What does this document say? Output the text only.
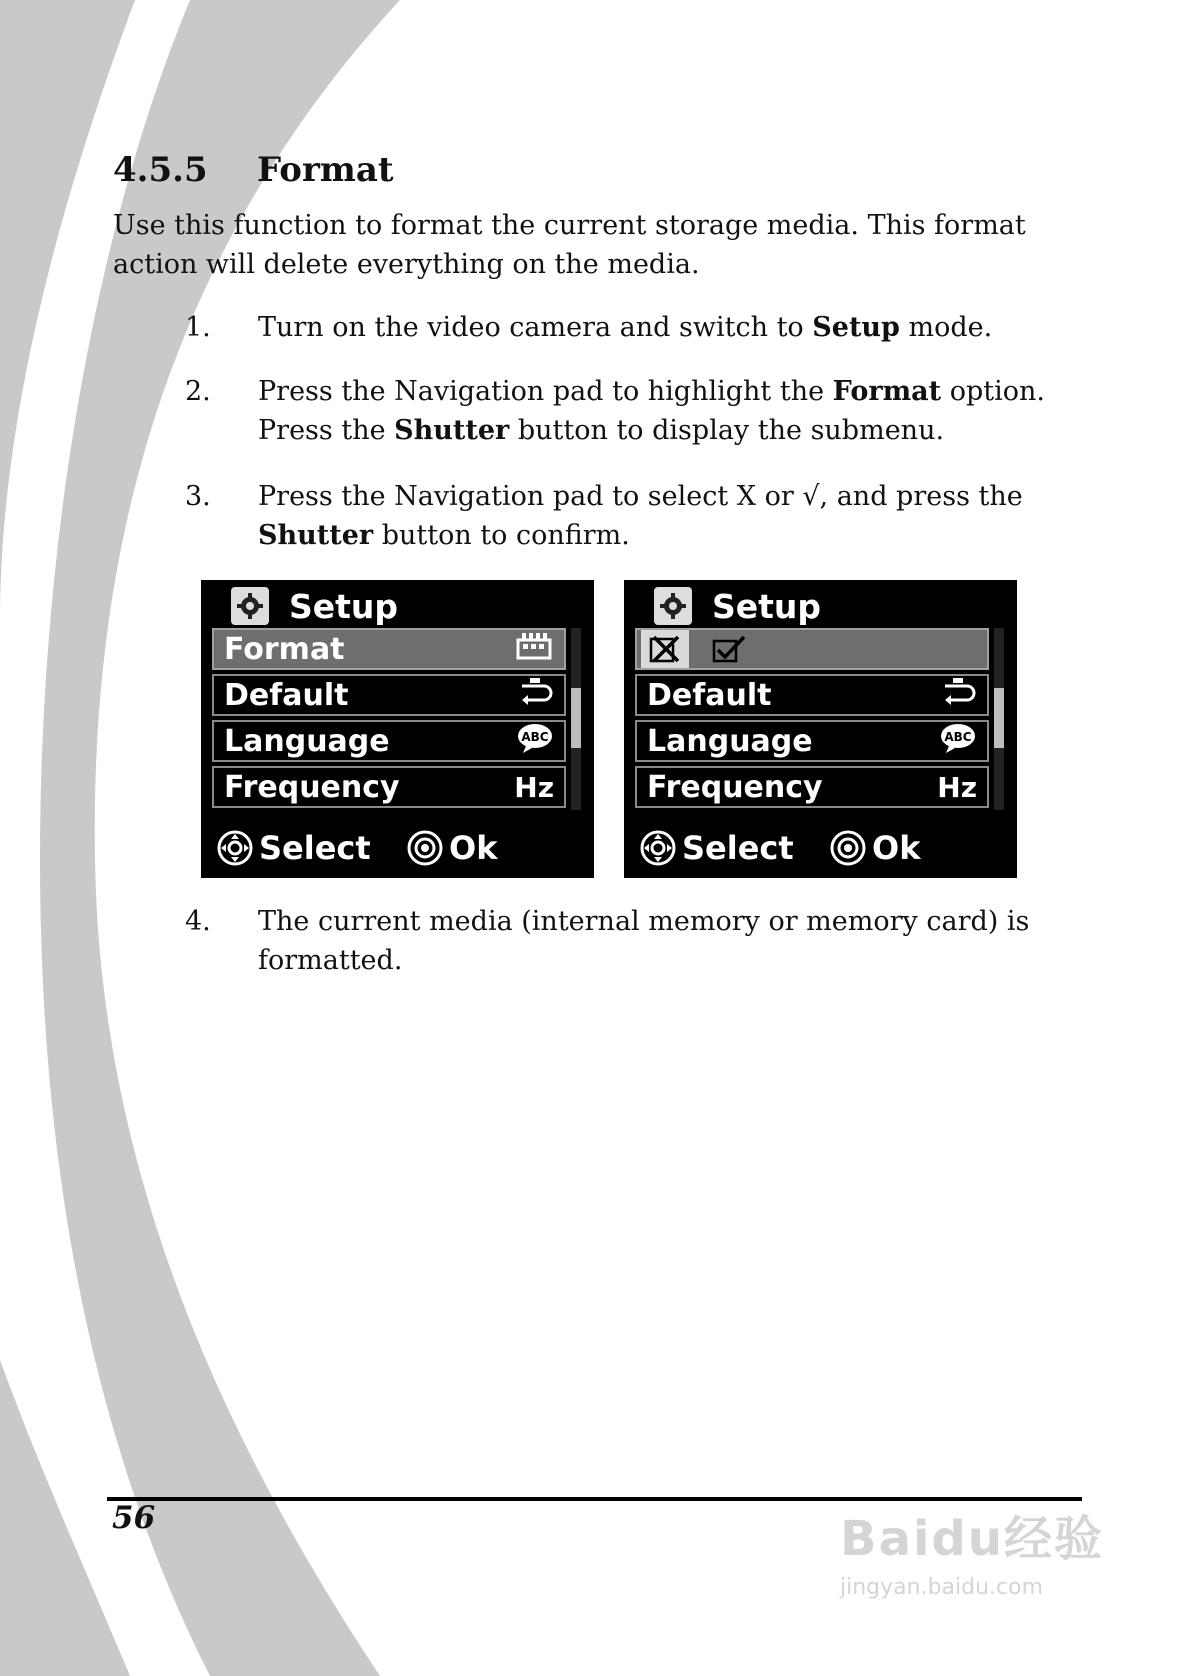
4.5.5 Format

Use this function to format the current storage media. This format action will delete everything on the media.

1. Turn on the video camera and switch to Setup mode.

2. Press the Navigation pad to highlight the Format option. Press the Shutter button to display the submenu.

3. Press the Navigation pad to select X or √, and press the Shutter button to confirm.

Setup
Format
Default
Language	ABC
Frequency	Hz
Select Ok
Setup
Default
Language	ABC
Frequency	Hz
Select Ok
4. The current media (internal memory or memory card) is formatted.

56	Baidu经验
jingyan.baidu.com
